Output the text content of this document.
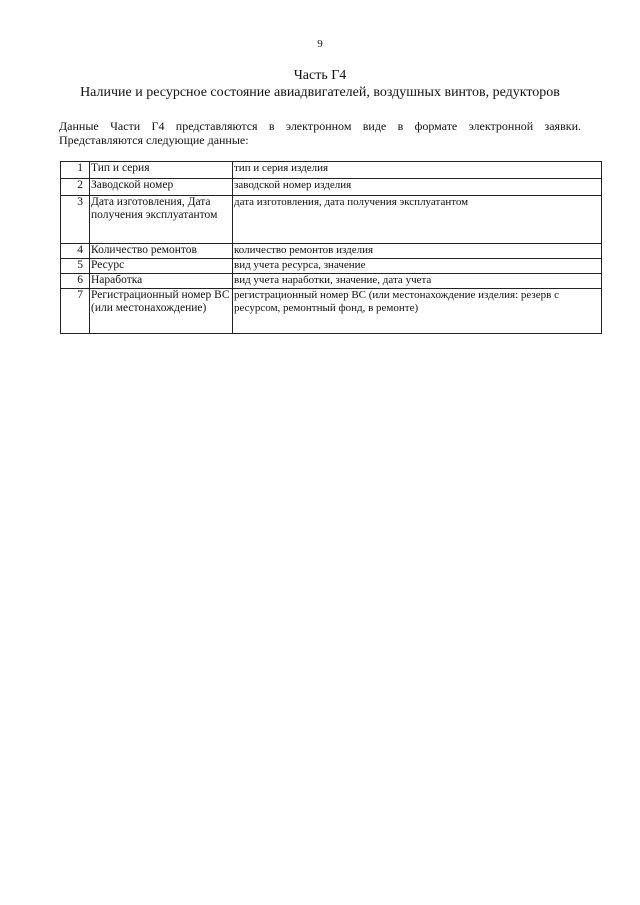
9
Часть Г4
Наличие и ресурсное состояние авиадвигателей, воздушных винтов, редукторов
Данные Части Г4 представляются в электронном виде в формате электронной заявки. Представляются следующие данные:
1	Тип и серия	тип и серия изделия
2	Заводской номер	заводской номер изделия
3	Дата изготовления, Дата получения эксплуатантом	дата изготовления, дата получения эксплуатантом
4	Количество ремонтов	количество ремонтов изделия
5	Ресурс	вид учета ресурса, значение
6	Наработка	вид учета наработки, значение, дата учета
7	Регистрационный номер ВС (или местонахождение)	регистрационный номер ВС (или местонахождение изделия: резерв с ресурсом, ремонтный фонд, в ремонте)
